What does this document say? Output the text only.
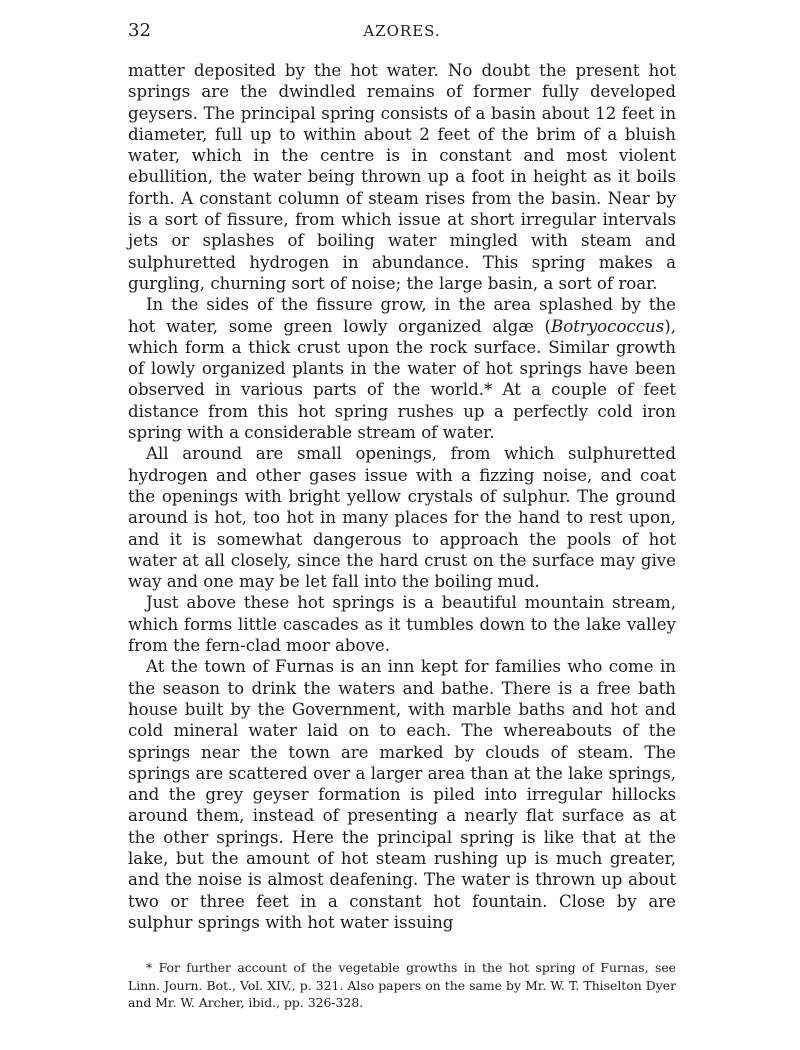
32	AZORES.

matter deposited by the hot water. No doubt the present hot springs are the dwindled remains of former fully developed geysers. The principal spring consists of a basin about 12 feet in diameter, full up to within about 2 feet of the brim of a bluish water, which in the centre is in constant and most violent ebullition, the water being thrown up a foot in height as it boils forth. A constant column of steam rises from the basin. Near by is a sort of fissure, from which issue at short irregular intervals jets or splashes of boiling water mingled with steam and sulphuretted hydrogen in abundance. This spring makes a gurgling, churning sort of noise; the large basin, a sort of roar.

In the sides of the fissure grow, in the area splashed by the hot water, some green lowly organized algæ (Botryococcus), which form a thick crust upon the rock surface. Similar growth of lowly organized plants in the water of hot springs have been observed in various parts of the world.* At a couple of feet distance from this hot spring rushes up a perfectly cold iron spring with a considerable stream of water.

All around are small openings, from which sulphuretted hydrogen and other gases issue with a fizzing noise, and coat the openings with bright yellow crystals of sulphur. The ground around is hot, too hot in many places for the hand to rest upon, and it is somewhat dangerous to approach the pools of hot water at all closely, since the hard crust on the surface may give way and one may be let fall into the boiling mud.

Just above these hot springs is a beautiful mountain stream, which forms little cascades as it tumbles down to the lake valley from the fern-clad moor above.

At the town of Furnas is an inn kept for families who come in the season to drink the waters and bathe. There is a free bath house built by the Government, with marble baths and hot and cold mineral water laid on to each. The whereabouts of the springs near the town are marked by clouds of steam. The springs are scattered over a larger area than at the lake springs, and the grey geyser formation is piled into irregular hillocks around them, instead of presenting a nearly flat surface as at the other springs. Here the principal spring is like that at the lake, but the amount of hot steam rushing up is much greater, and the noise is almost deafening. The water is thrown up about two or three feet in a constant hot fountain. Close by are sulphur springs with hot water issuing

* For further account of the vegetable growths in the hot spring of Furnas, see Linn. Journ. Bot., Vol. XIV., p. 321. Also papers on the same by Mr. W. T. Thiselton Dyer and Mr. W. Archer, ibid., pp. 326-328.
